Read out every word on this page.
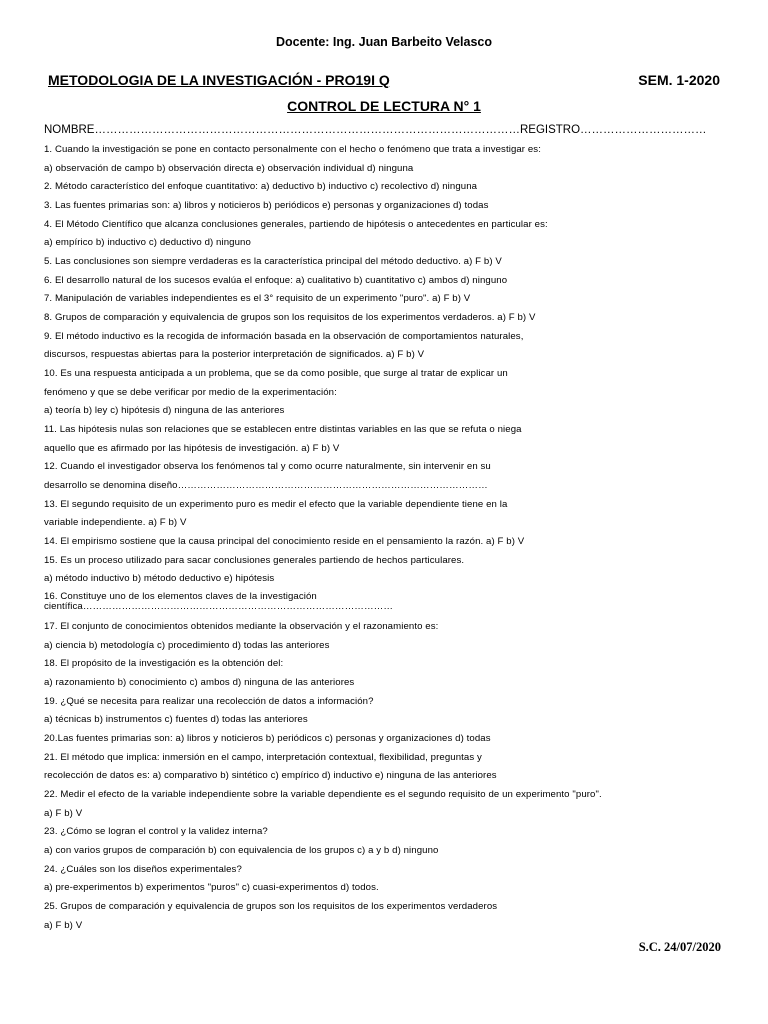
Docente: Ing. Juan Barbeito Velasco
METODOLOGIA DE LA INVESTIGACIÓN - PRO19I Q	SEM. 1-2020
CONTROL DE LECTURA N° 1
NOMBRE…………………………………………………………………………………………………REGISTRO……………………………
1. Cuando la investigación se pone en contacto personalmente con el hecho o fenómeno que trata a investigar es:
a) observación de campo b) observación directa e) observación individual d) ninguna
2. Método característico del enfoque cuantitativo: a) deductivo b) inductivo c) recolectivo d) ninguna
3. Las fuentes primarias son: a) libros y noticieros b) periódicos e) personas y organizaciones d) todas
4. El Método Científico que alcanza conclusiones generales, partiendo de hipótesis o antecedentes en particular es:
a) empírico b) inductivo c) deductivo d) ninguno
5. Las conclusiones son siempre verdaderas es la característica principal del método deductivo. a) F b) V
6. El desarrollo natural de los sucesos evalúa el enfoque: a) cualitativo b) cuantitativo c) ambos d) ninguno
7. Manipulación de variables independientes es el 3° requisito de un experimento "puro". a) F b) V
8. Grupos de comparación y equivalencia de grupos son los requisitos de los experimentos verdaderos. a) F b) V
9. El método inductivo es la recogida de información basada en la observación de comportamientos naturales,
discursos, respuestas abiertas para la posterior interpretación de significados. a) F b) V
10. Es una respuesta anticipada a un problema, que se da como posible, que surge al tratar de explicar un
fenómeno y que se debe verificar por medio de la experimentación:
a) teoría b) ley c) hipótesis d) ninguna de las anteriores
11. Las hipótesis nulas son relaciones que se establecen entre distintas variables en las que se refuta o niega
aquello que es afirmado por las hipótesis de investigación. a) F b) V
12. Cuando el investigador observa los fenómenos tal y como ocurre naturalmente, sin intervenir en su
desarrollo se denomina diseño……………………………………………………………………………………
13. El segundo requisito de un experimento puro es medir el efecto que la variable dependiente tiene en la
variable independiente. a) F b) V
14. El empirismo sostiene que la causa principal del conocimiento reside en el pensamiento la razón. a) F b) V
15. Es un proceso utilizado para sacar conclusiones generales partiendo de hechos particulares.
a) método inductivo b) método deductivo e) hipótesis
16. Constituye uno de los elementos claves de la investigación científica……………………………………………………………………………………
17. El conjunto de conocimientos obtenidos mediante la observación y el razonamiento es:
a) ciencia b) metodología c) procedimiento d) todas las anteriores
18. El propósito de la investigación es la obtención del:
a) razonamiento b) conocimiento c) ambos d) ninguna de las anteriores
19. ¿Qué se necesita para realizar una recolección de datos a información?
a) técnicas b) instrumentos c) fuentes d) todas las anteriores
20.Las fuentes primarias son: a) libros y noticieros b) periódicos c) personas y organizaciones d) todas
21. El método que implica: inmersión en el campo, interpretación contextual, flexibilidad, preguntas y
recolección de datos es: a) comparativo b) sintético c) empírico d) inductivo e) ninguna de las anteriores
22. Medir el efecto de la variable independiente sobre la variable dependiente es el segundo requisito de un experimento "puro".
a) F b) V
23. ¿Cómo se logran el control y la validez interna?
a) con varios grupos de comparación b) con equivalencia de los grupos c) a y b d) ninguno
24. ¿Cuáles son los diseños experimentales?
a) pre-experimentos b) experimentos "puros" c) cuasi-experimentos d) todos.
25. Grupos de comparación y equivalencia de grupos son los requisitos de los experimentos verdaderos
a) F b) V
S.C. 24/07/2020
